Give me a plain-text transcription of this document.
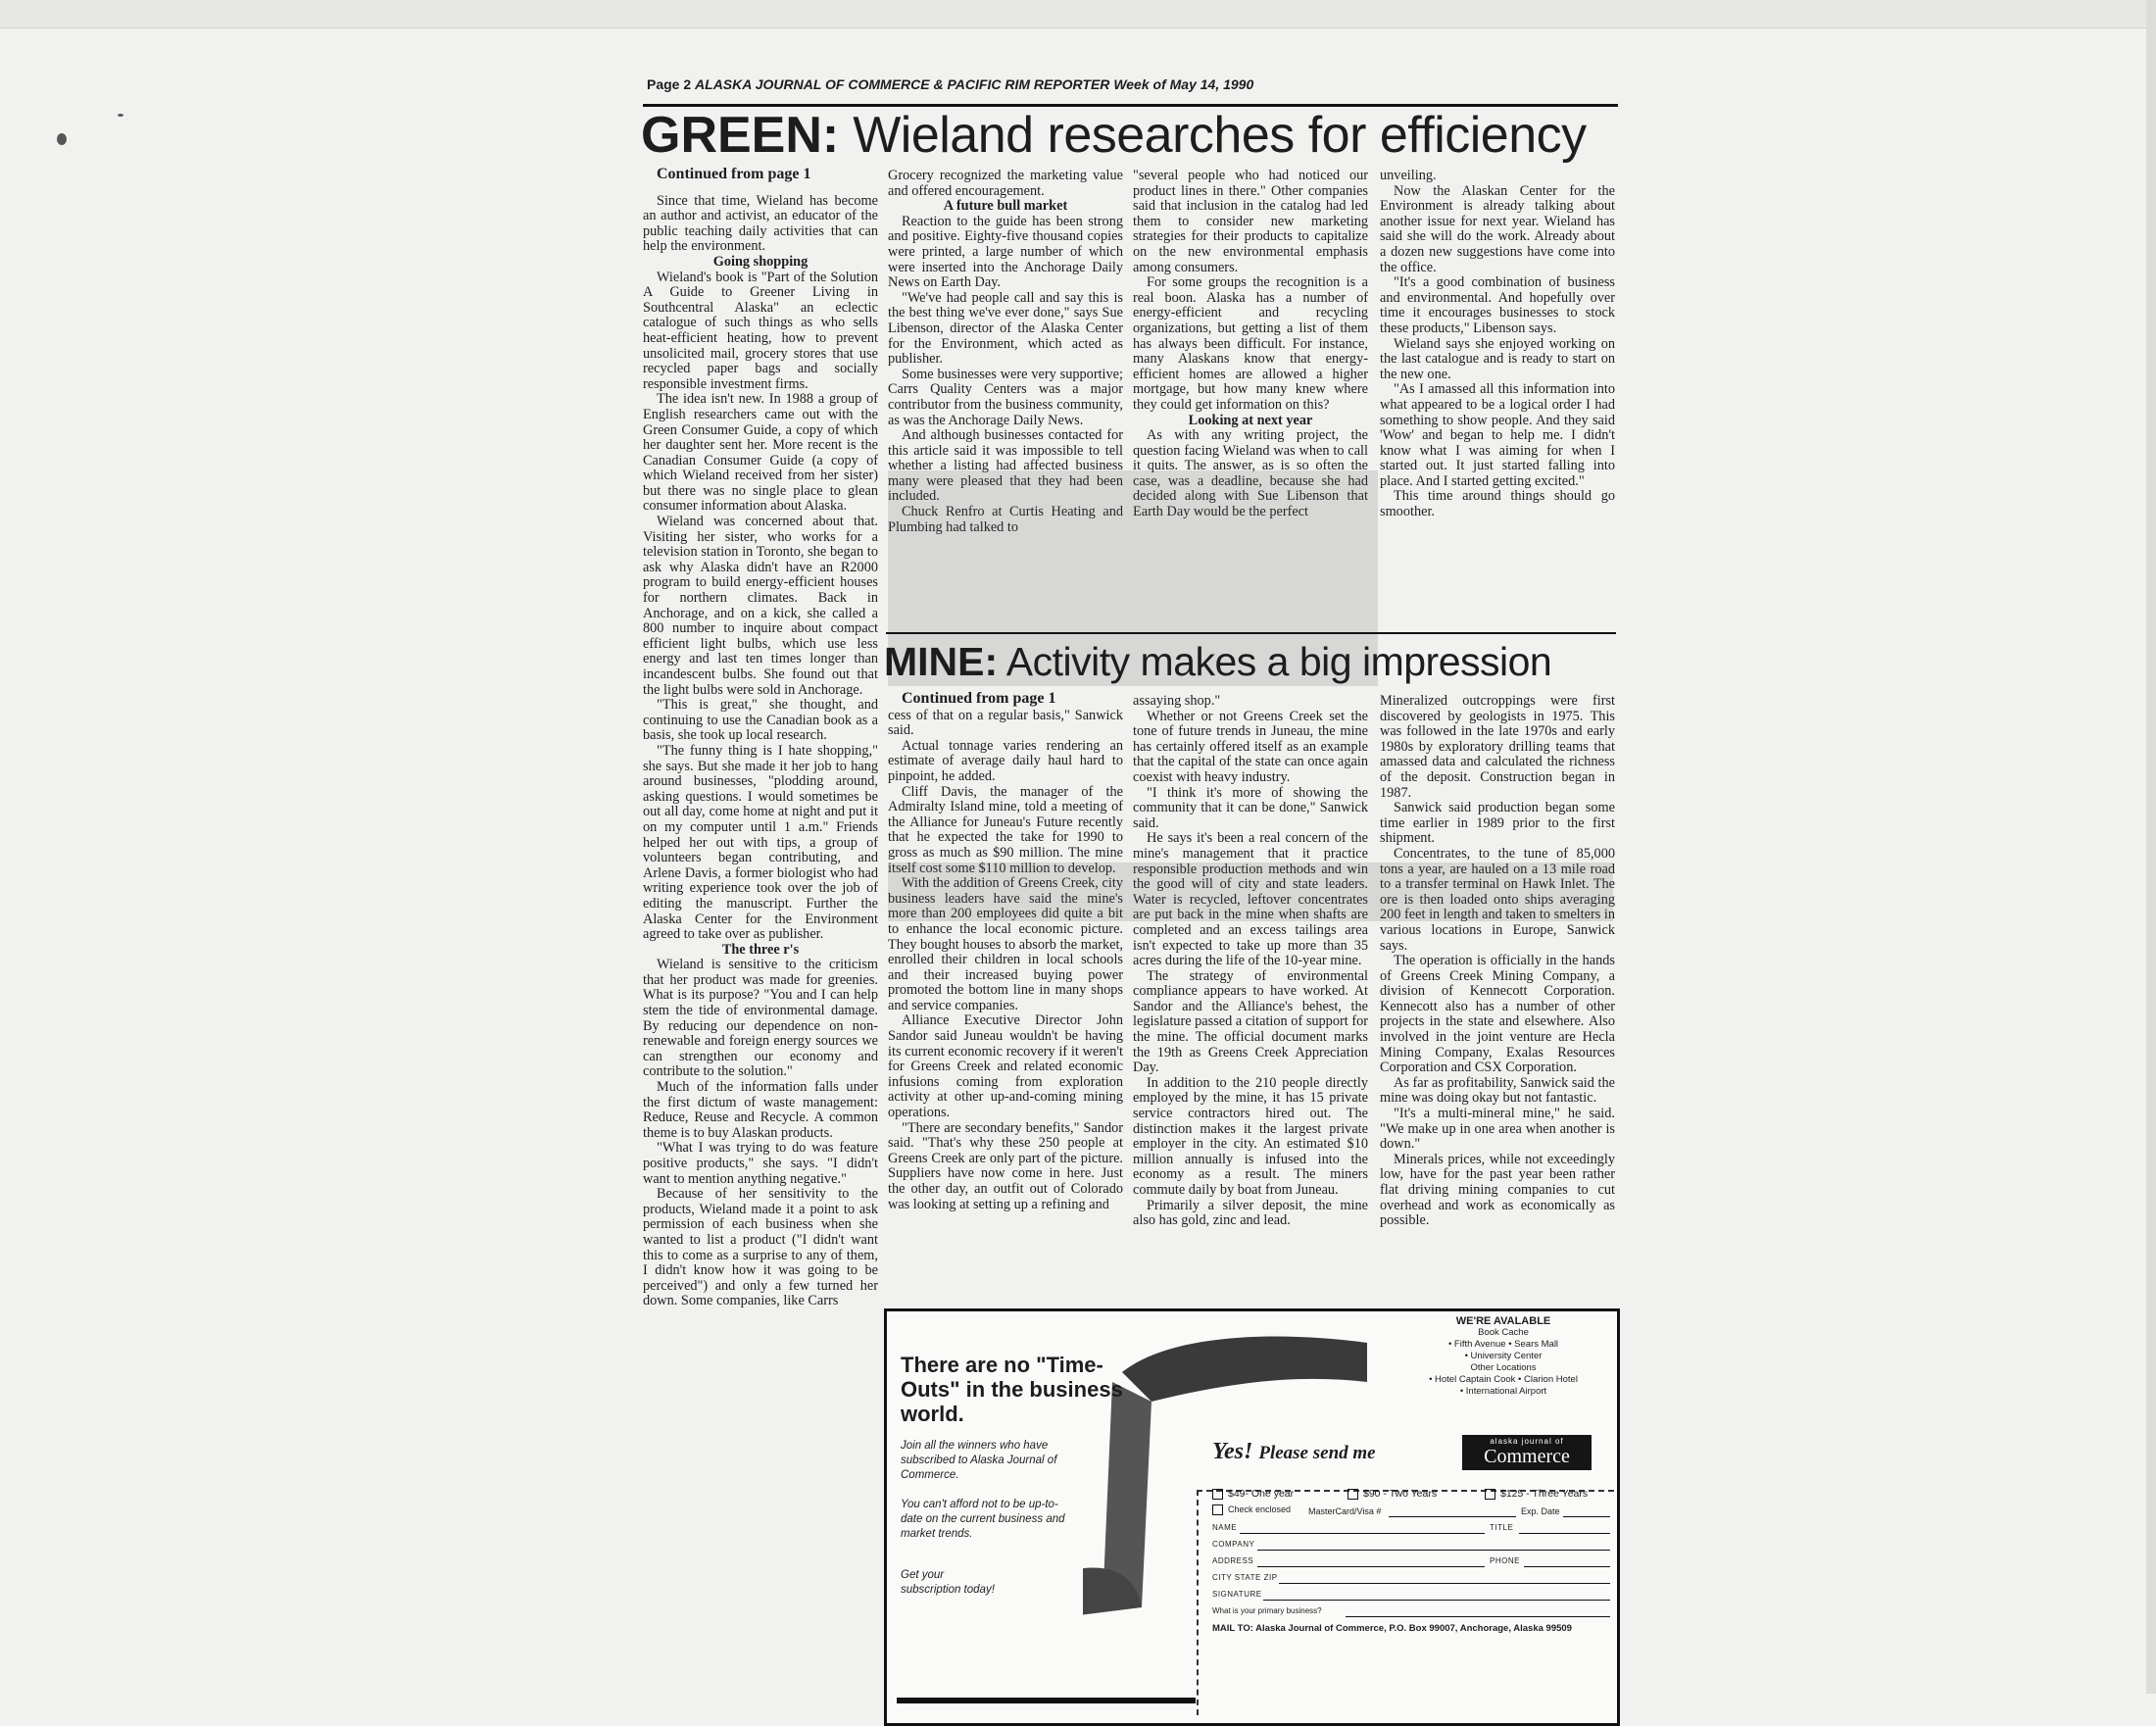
Page 2 ALASKA JOURNAL OF COMMERCE & PACIFIC RIM REPORTER Week of May 14, 1990
GREEN: Wieland researches for efficiency
Continued from page 1

Since that time, Wieland has become an author and activist, an educator of the public teaching daily activities that can help the environment.

Going shopping

Wieland's book is "Part of the Solution A Guide to Greener Living in Southcentral Alaska" an eclectic catalogue of such things as who sells heat-efficient heating, how to prevent unsolicited mail, grocery stores that use recycled paper bags and socially responsible investment firms.

The idea isn't new. In 1988 a group of English researchers came out with the Green Consumer Guide, a copy of which her daughter sent her. More recent is the Canadian Consumer Guide (a copy of which Wieland received from her sister) but there was no single place to glean consumer information about Alaska.

Wieland was concerned about that. Visiting her sister, who works for a television station in Toronto, she began to ask why Alaska didn't have an R2000 program to build energy-efficient houses for northern climates. Back in Anchorage, and on a kick, she called a 800 number to inquire about compact efficient light bulbs, which use less energy and last ten times longer than incandescent bulbs. She found out that the light bulbs were sold in Anchorage.

"This is great," she thought, and continuing to use the Canadian book as a basis, she took up local research.

"The funny thing is I hate shopping," she says. But she made it her job to hang around businesses, "plodding around, asking questions. I would sometimes be out all day, come home at night and put it on my computer until 1 a.m." Friends helped her out with tips, a group of volunteers began contributing, and Arlene Davis, a former biologist who had writing experience took over the job of editing the manuscript. Further the Alaska Center for the Environment agreed to take over as publisher.

The three r's

Wieland is sensitive to the criticism that her product was made for greenies. What is its purpose? "You and I can help stem the tide of environmental damage. By reducing our dependence on non-renewable and foreign energy sources we can strengthen our economy and contribute to the solution."

Much of the information falls under the first dictum of waste management: Reduce, Reuse and Recycle. A common theme is to buy Alaskan products.

"What I was trying to do was feature positive products," she says. "I didn't want to mention anything negative."

Because of her sensitivity to the products, Wieland made it a point to ask permission of each business when she wanted to list a product ("I didn't want this to come as a surprise to any of them, I didn't know how it was going to be perceived") and only a few turned her down. Some companies, like Carrs

Grocery recognized the marketing value and offered encouragement.

A future bull market

Reaction to the guide has been strong and positive. Eighty-five thousand copies were printed, a large number of which were inserted into the Anchorage Daily News on Earth Day.

"We've had people call and say this is the best thing we've ever done," says Sue Libenson, director of the Alaska Center for the Environment, which acted as publisher.

Some businesses were very supportive; Carrs Quality Centers was a major contributor from the business community, as was the Anchorage Daily News.

And although businesses contacted for this article said it was impossible to tell whether a listing had affected business many were pleased that they had been included.

Chuck Renfro at Curtis Heating and Plumbing had talked to

"several people who had noticed our product lines in there." Other companies said that inclusion in the catalog had led them to consider new marketing strategies for their products to capitalize on the new environmental emphasis among consumers.

For some groups the recognition is a real boon. Alaska has a number of energy-efficient and recycling organizations, but getting a list of them has always been difficult. For instance, many Alaskans know that energy-efficient homes are allowed a higher mortgage, but how many knew where they could get information on this?

Looking at next year

As with any writing project, the question facing Wieland was when to call it quits. The answer, as is so often the case, was a deadline, because she had decided along with Sue Libenson that Earth Day would be the perfect

unveiling.

Now the Alaskan Center for the Environment is already talking about another issue for next year. Wieland has said she will do the work. Already about a dozen new suggestions have come into the office.

"It's a good combination of business and environmental. And hopefully over time it encourages businesses to stock these products," Libenson says.

Wieland says she enjoyed working on the last catalogue and is ready to start on the new one.

"As I amassed all this information into what appeared to be a logical order I had something to show people. And they said 'Wow' and began to help me. I didn't know what I was aiming for when I started out. It just started falling into place. And I started getting excited."

This time around things should go smoother.

MINE: Activity makes a big impression
Continued from page 1

cess of that on a regular basis," Sanwick said.

Actual tonnage varies rendering an estimate of average daily haul hard to pinpoint, he added.

Cliff Davis, the manager of the Admiralty Island mine, told a meeting of the Alliance for Juneau's Future recently that he expected the take for 1990 to gross as much as $90 million. The mine itself cost some $110 million to develop.

With the addition of Greens Creek, city business leaders have said the mine's more than 200 employees did quite a bit to enhance the local economic picture. They bought houses to absorb the market, enrolled their children in local schools and their increased buying power promoted the bottom line in many shops and service companies.

Alliance Executive Director John Sandor said Juneau wouldn't be having its current economic recovery if it weren't for Greens Creek and related economic infusions coming from exploration activity at other up-and-coming mining operations.

"There are secondary benefits," Sandor said. "That's why these 250 people at Greens Creek are only part of the picture. Suppliers have now come in here. Just the other day, an outfit out of Colorado was looking at setting up a refining and

assaying shop."

Whether or not Greens Creek set the tone of future trends in Juneau, the mine has certainly offered itself as an example that the capital of the state can once again coexist with heavy industry.

"I think it's more of showing the community that it can be done," Sanwick said.

He says it's been a real concern of the mine's management that it practice responsible production methods and win the good will of city and state leaders. Water is recycled, leftover concentrates are put back in the mine when shafts are completed and an excess tailings area isn't expected to take up more than 35 acres during the life of the 10-year mine.

The strategy of environmental compliance appears to have worked. At Sandor and the Alliance's behest, the legislature passed a citation of support for the mine. The official document marks the 19th as Greens Creek Appreciation Day.

In addition to the 210 people directly employed by the mine, it has 15 private service contractors hired out. The distinction makes it the largest private employer in the city. An estimated $10 million annually is infused into the economy as a result. The miners commute daily by boat from Juneau.

Primarily a silver deposit, the mine also has gold, zinc and lead.

Mineralized outcroppings were first discovered by geologists in 1975. This was followed in the late 1970s and early 1980s by exploratory drilling teams that amassed data and calculated the richness of the deposit. Construction began in 1987.

Sanwick said production began some time earlier in 1989 prior to the first shipment.

Concentrates, to the tune of 85,000 tons a year, are hauled on a 13 mile road to a transfer terminal on Hawk Inlet. The ore is then loaded onto ships averaging 200 feet in length and taken to smelters in various locations in Europe, Sanwick says.

The operation is officially in the hands of Greens Creek Mining Company, a division of Kennecott Corporation. Kennecott also has a number of other projects in the state and elsewhere. Also involved in the joint venture are Hecla Mining Company, Exalas Resources Corporation and CSX Corporation.

As far as profitability, Sanwick said the mine was doing okay but not fantastic.

"It's a multi-mineral mine," he said. "We make up in one area when another is down."

Minerals prices, while not exceedingly low, have for the past year been rather flat driving mining companies to cut overhead and work as economically as possible.

There are no "Time-Outs" in the business world.
Join all the winners who have subscribed to Alaska Journal of Commerce.
You can't afford not to be up-to-date on the current business and market trends.
Get your subscription today!
WE'RE AVALABLE
Book Cache
• Fifth Avenue • Sears Mall
• University Center
Other Locations
• Hotel Captain Cook • Clarion Hotel
• International Airport
Yes! Please send me
alaska journal of
Commerce
$49- One year	$90 - Two Years	$125 - Three Years
Check enclosed MasterCard/Visa #	Exp. Date
NAME	TITLE
COMPANY
ADDRESS	PHONE
CITY STATE ZIP
SIGNATURE
What is your primary business?
MAIL TO: Alaska Journal of Commerce, P.O. Box 99007, Anchorage, Alaska 99509
